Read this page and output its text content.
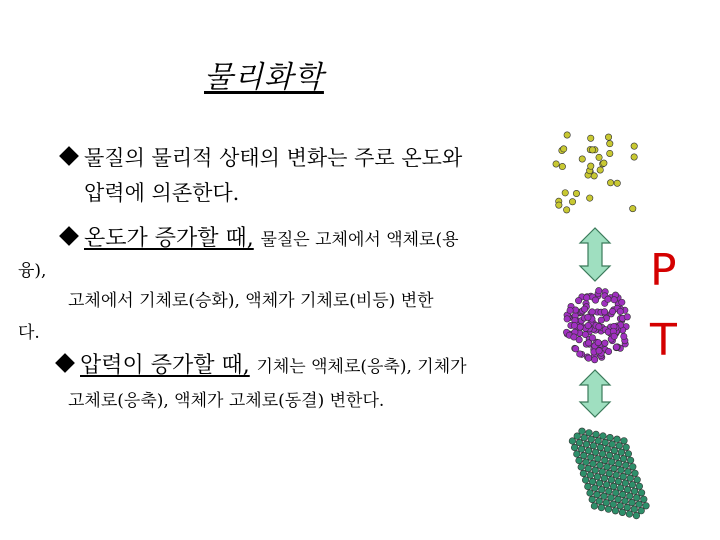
물리화학
물질의 물리적 상태의 변화는 주로 온도와
압력에 의존한다.
온도가 증가할 때, 물질은 고체에서 액체로(용
융),
고체에서 기체로(승화), 액체가 기체로(비등) 변한
다.
압력이 증가할 때, 기체는 액체로(응축), 기체가
고체로(응축), 액체가 고체로(동결) 변한다.
P
T
